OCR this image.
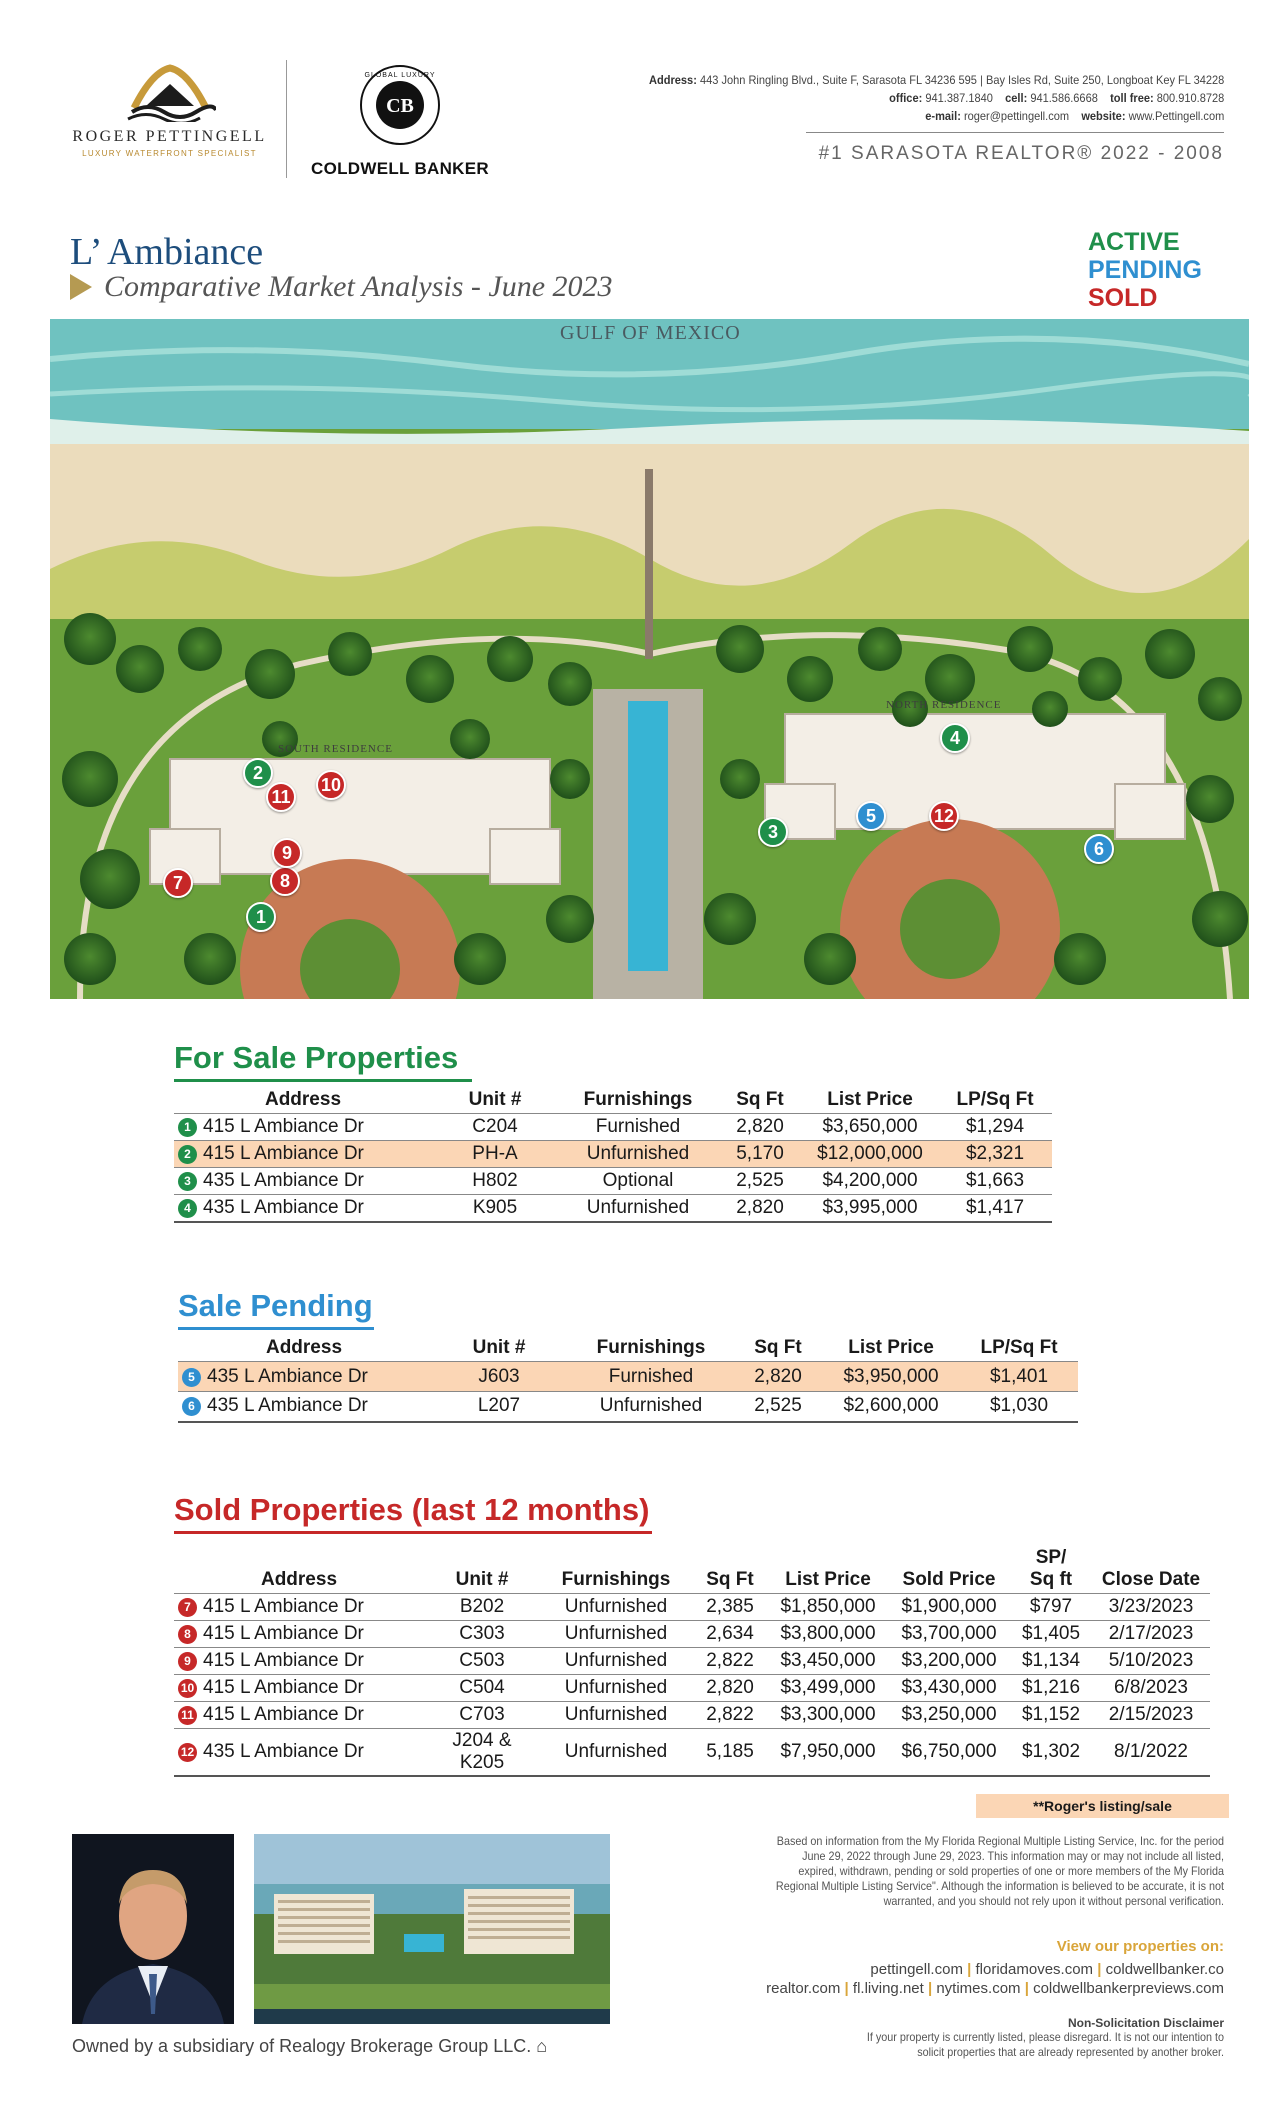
ROGER PETTINGELL
LUXURY WATERFRONT SPECIALIST
CB
GLOBAL LUXURY
COLDWELL BANKER
Address: 443 John Ringling Blvd., Suite F, Sarasota FL 34236 595 | Bay Isles Rd, Suite 250, Longboat Key FL 34228
office: 941.387.1840 cell: 941.586.6668 toll free: 800.910.8728
e-mail: roger@pettingell.com website: www.Pettingell.com
#1 SARASOTA REALTOR® 2022 - 2008
L’ Ambiance
Comparative Market Analysis - June 2023
ACTIVE
PENDING
SOLD
GULF OF MEXICO
SOUTH RESIDENCE
NORTH RESIDENCE
1
2
3
4
5
6
7	8
9
10
11
12
For Sale Properties
Address	Unit #	Furnishings	Sq Ft	List Price	LP/Sq Ft
1 415 L Ambiance Dr	C204	Furnished	2,820	$3,650,000	$1,294
2 415 L Ambiance Dr	PH-A	Unfurnished	5,170	$12,000,000	$2,321
3 435 L Ambiance Dr	H802	Optional	2,525	$4,200,000	$1,663
4 435 L Ambiance Dr	K905	Unfurnished	2,820	$3,995,000	$1,417
Sale Pending
Address	Unit #	Furnishings	Sq Ft	List Price	LP/Sq Ft
5 435 L Ambiance Dr	J603	Furnished	2,820	$3,950,000	$1,401
6 435 L Ambiance Dr	L207	Unfurnished	2,525	$2,600,000	$1,030
Sold Properties (last 12 months)
Address	Unit #	Furnishings	Sq Ft	List Price	Sold Price	SP/
Sq ft	Close Date
7 415 L Ambiance Dr	B202	Unfurnished	2,385	$1,850,000	$1,900,000	$797	3/23/2023
8 415 L Ambiance Dr	C303	Unfurnished	2,634	$3,800,000	$3,700,000	$1,405	2/17/2023
9 415 L Ambiance Dr	C503	Unfurnished	2,822	$3,450,000	$3,200,000	$1,134	5/10/2023
10 415 L Ambiance Dr	C504	Unfurnished	2,820	$3,499,000	$3,430,000	$1,216	6/8/2023
11 415 L Ambiance Dr	C703	Unfurnished	2,822	$3,300,000	$3,250,000	$1,152	2/15/2023
12 435 L Ambiance Dr	J204 & K205	Unfurnished	5,185	$7,950,000	$6,750,000	$1,302	8/1/2022
**Roger's listing/sale
Owned by a subsidiary of Realogy Brokerage Group LLC. ⌂
Based on information from the My Florida Regional Multiple Listing Service, Inc. for the period June 29, 2022 through June 29, 2023. This information may or may not include all listed, expired, withdrawn, pending or sold properties of one or more members of the My Florida Regional Multiple Listing Service". Although the information is believed to be accurate, it is not warranted, and you should not rely upon it without personal verification.
View our properties on:
pettingell.com | floridamoves.com | coldwellbanker.co
realtor.com | fl.living.net | nytimes.com | coldwellbankerpreviews.com
Non-Solicitation Disclaimer
If your property is currently listed, please disregard. It is not our intention to solicit properties that are already represented by another broker.
